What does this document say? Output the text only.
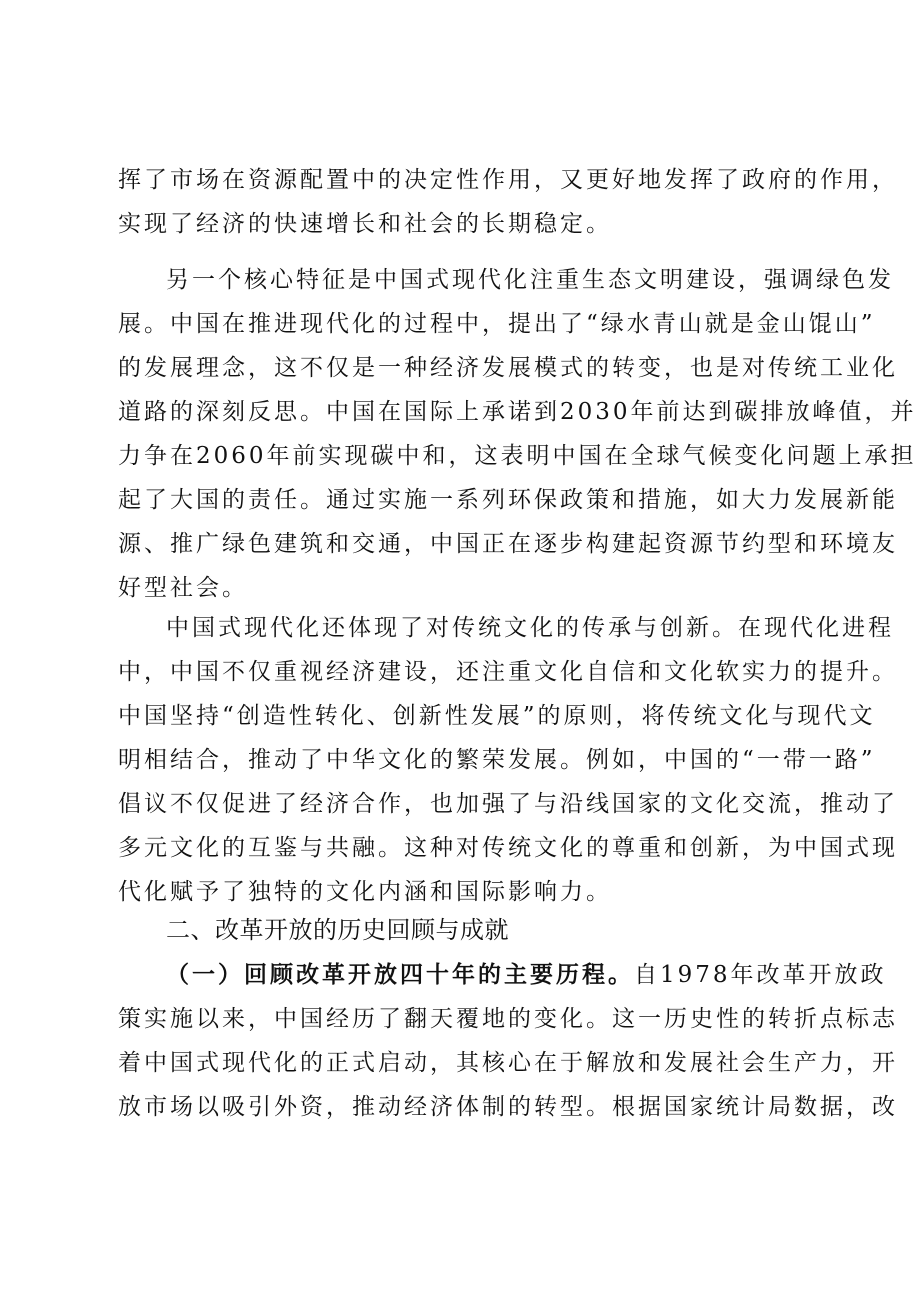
挥了市场在资源配置中的决定性作用，又更好地发挥了政府的作用，
实现了经济的快速增长和社会的长期稳定。
另一个核心特征是中国式现代化注重生态文明建设，强调绿色发
展。中国在推进现代化的过程中，提出了“绿水青山就是金山馄山”
的发展理念，这不仅是一种经济发展模式的转变，也是对传统工业化
道路的深刻反思。中国在国际上承诺到2030年前达到碳排放峰值，并
力争在2060年前实现碳中和，这表明中国在全球气候变化问题上承担
起了大国的责任。通过实施一系列环保政策和措施，如大力发展新能
源、推广绿色建筑和交通，中国正在逐步构建起资源节约型和环境友
好型社会。
中国式现代化还体现了对传统文化的传承与创新。在现代化进程
中，中国不仅重视经济建设，还注重文化自信和文化软实力的提升。
中国坚持“创造性转化、创新性发展”的原则，将传统文化与现代文
明相结合，推动了中华文化的繁荣发展。例如，中国的“一带一路”
倡议不仅促进了经济合作，也加强了与沿线国家的文化交流，推动了
多元文化的互鉴与共融。这种对传统文化的尊重和创新，为中国式现
代化赋予了独特的文化内涵和国际影响力。
二、改革开放的历史回顾与成就
（一）回顾改革开放四十年的主要历程。自1978年改革开放政
策实施以来，中国经历了翻天覆地的变化。这一历史性的转折点标志
着中国式现代化的正式启动，其核心在于解放和发展社会生产力，开
放市场以吸引外资，推动经济体制的转型。根据国家统计局数据，改
